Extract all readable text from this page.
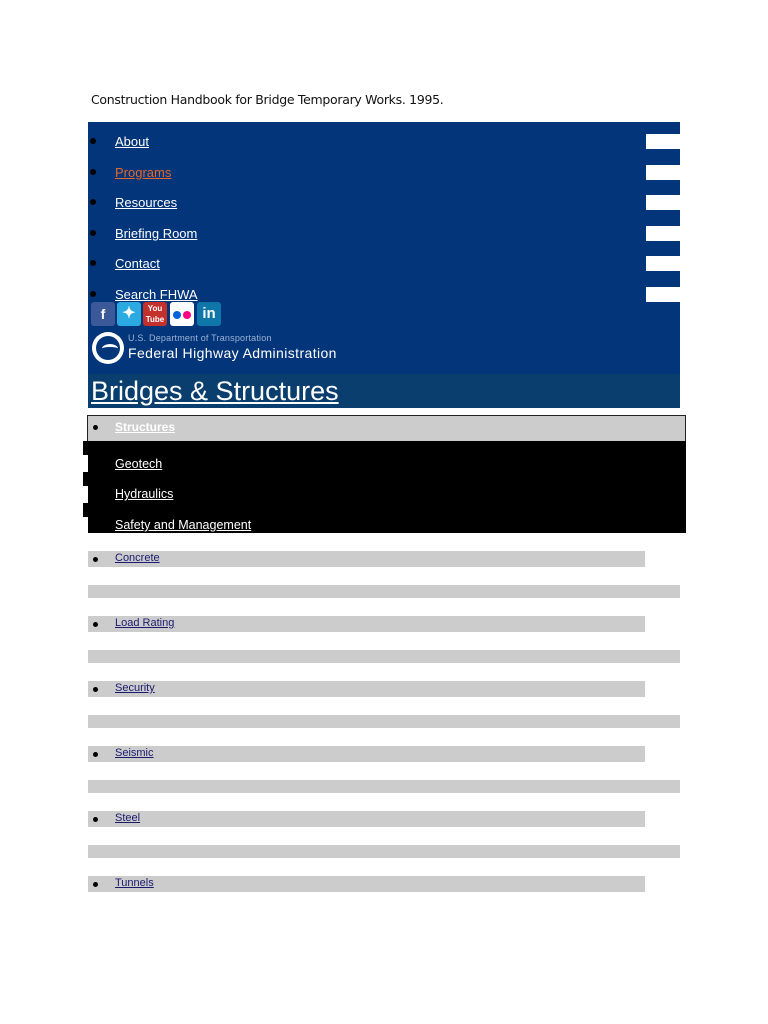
Construction Handbook for Bridge Temporary Works. 1995.
About
Programs
Resources
Briefing Room
Contact
Search FHWA
f	✦	You
Tube	in
U.S. Department of Transportation
Federal Highway Administration
Bridges & Structures
Structures
Geotech
Hydraulics
Safety and Management
Concrete
Load Rating
Security
Seismic
Steel
Tunnels
